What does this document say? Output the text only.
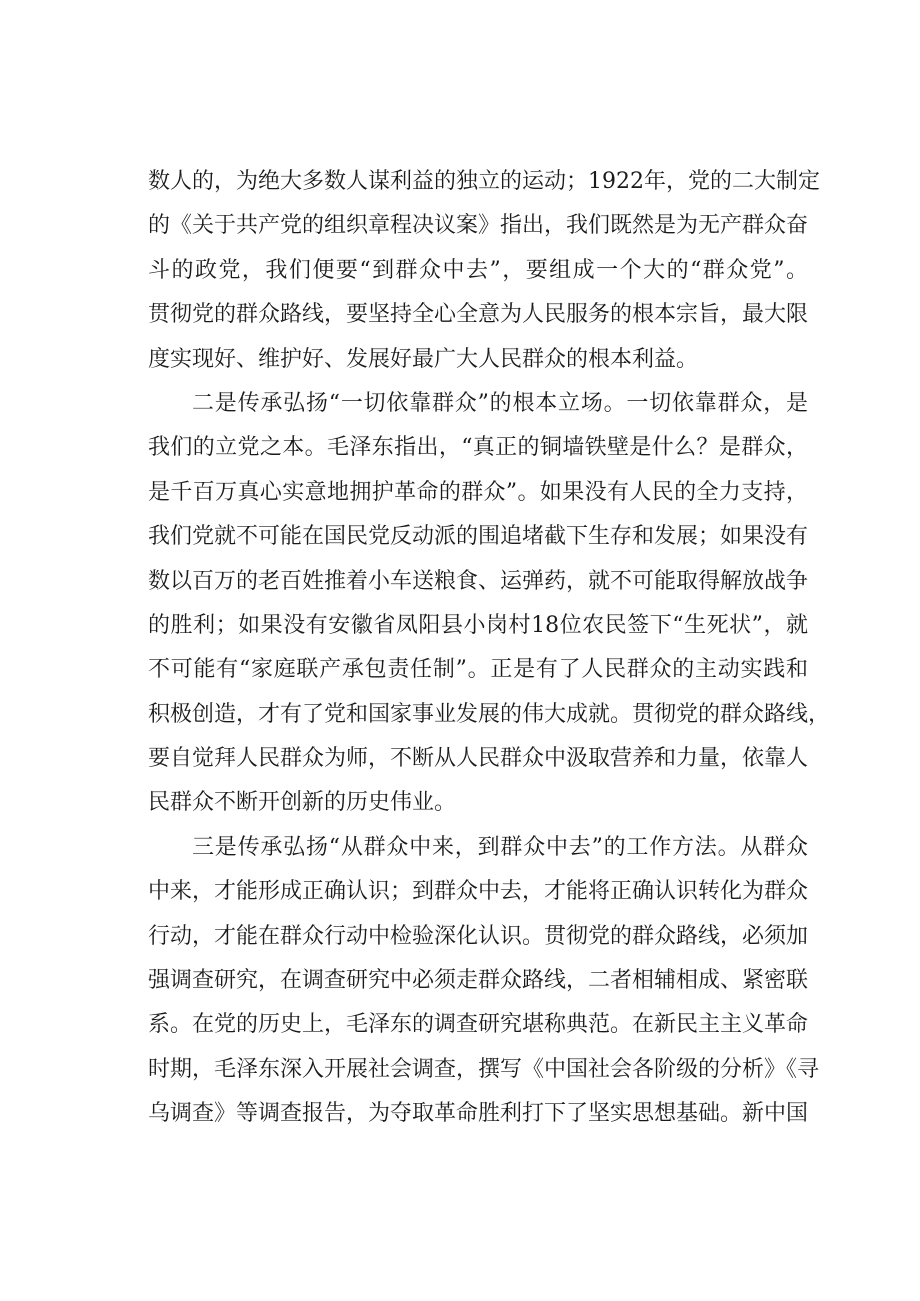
数人的，为绝大多数人谋利益的独立的运动；1922年，党的二大制定
的《关于共产党的组织章程决议案》指出，我们既然是为无产群众奋
斗的政党，我们便要“到群众中去”，要组成一个大的“群众党”。
贯彻党的群众路线，要坚持全心全意为人民服务的根本宗旨，最大限
度实现好、维护好、发展好最广大人民群众的根本利益。
二是传承弘扬“一切依靠群众”的根本立场。一切依靠群众，是
我们的立党之本。毛泽东指出，“真正的铜墙铁壁是什么？是群众，
是千百万真心实意地拥护革命的群众”。如果没有人民的全力支持，
我们党就不可能在国民党反动派的围追堵截下生存和发展；如果没有
数以百万的老百姓推着小车送粮食、运弹药，就不可能取得解放战争
的胜利；如果没有安徽省凤阳县小岗村18位农民签下“生死状”，就
不可能有“家庭联产承包责任制”。正是有了人民群众的主动实践和
积极创造，才有了党和国家事业发展的伟大成就。贯彻党的群众路线，
要自觉拜人民群众为师，不断从人民群众中汲取营养和力量，依靠人
民群众不断开创新的历史伟业。
三是传承弘扬“从群众中来，到群众中去”的工作方法。从群众
中来，才能形成正确认识；到群众中去，才能将正确认识转化为群众
行动，才能在群众行动中检验深化认识。贯彻党的群众路线，必须加
强调查研究，在调查研究中必须走群众路线，二者相辅相成、紧密联
系。在党的历史上，毛泽东的调查研究堪称典范。在新民主主义革命
时期，毛泽东深入开展社会调查，撰写《中国社会各阶级的分析》《寻
乌调查》等调查报告，为夺取革命胜利打下了坚实思想基础。新中国
